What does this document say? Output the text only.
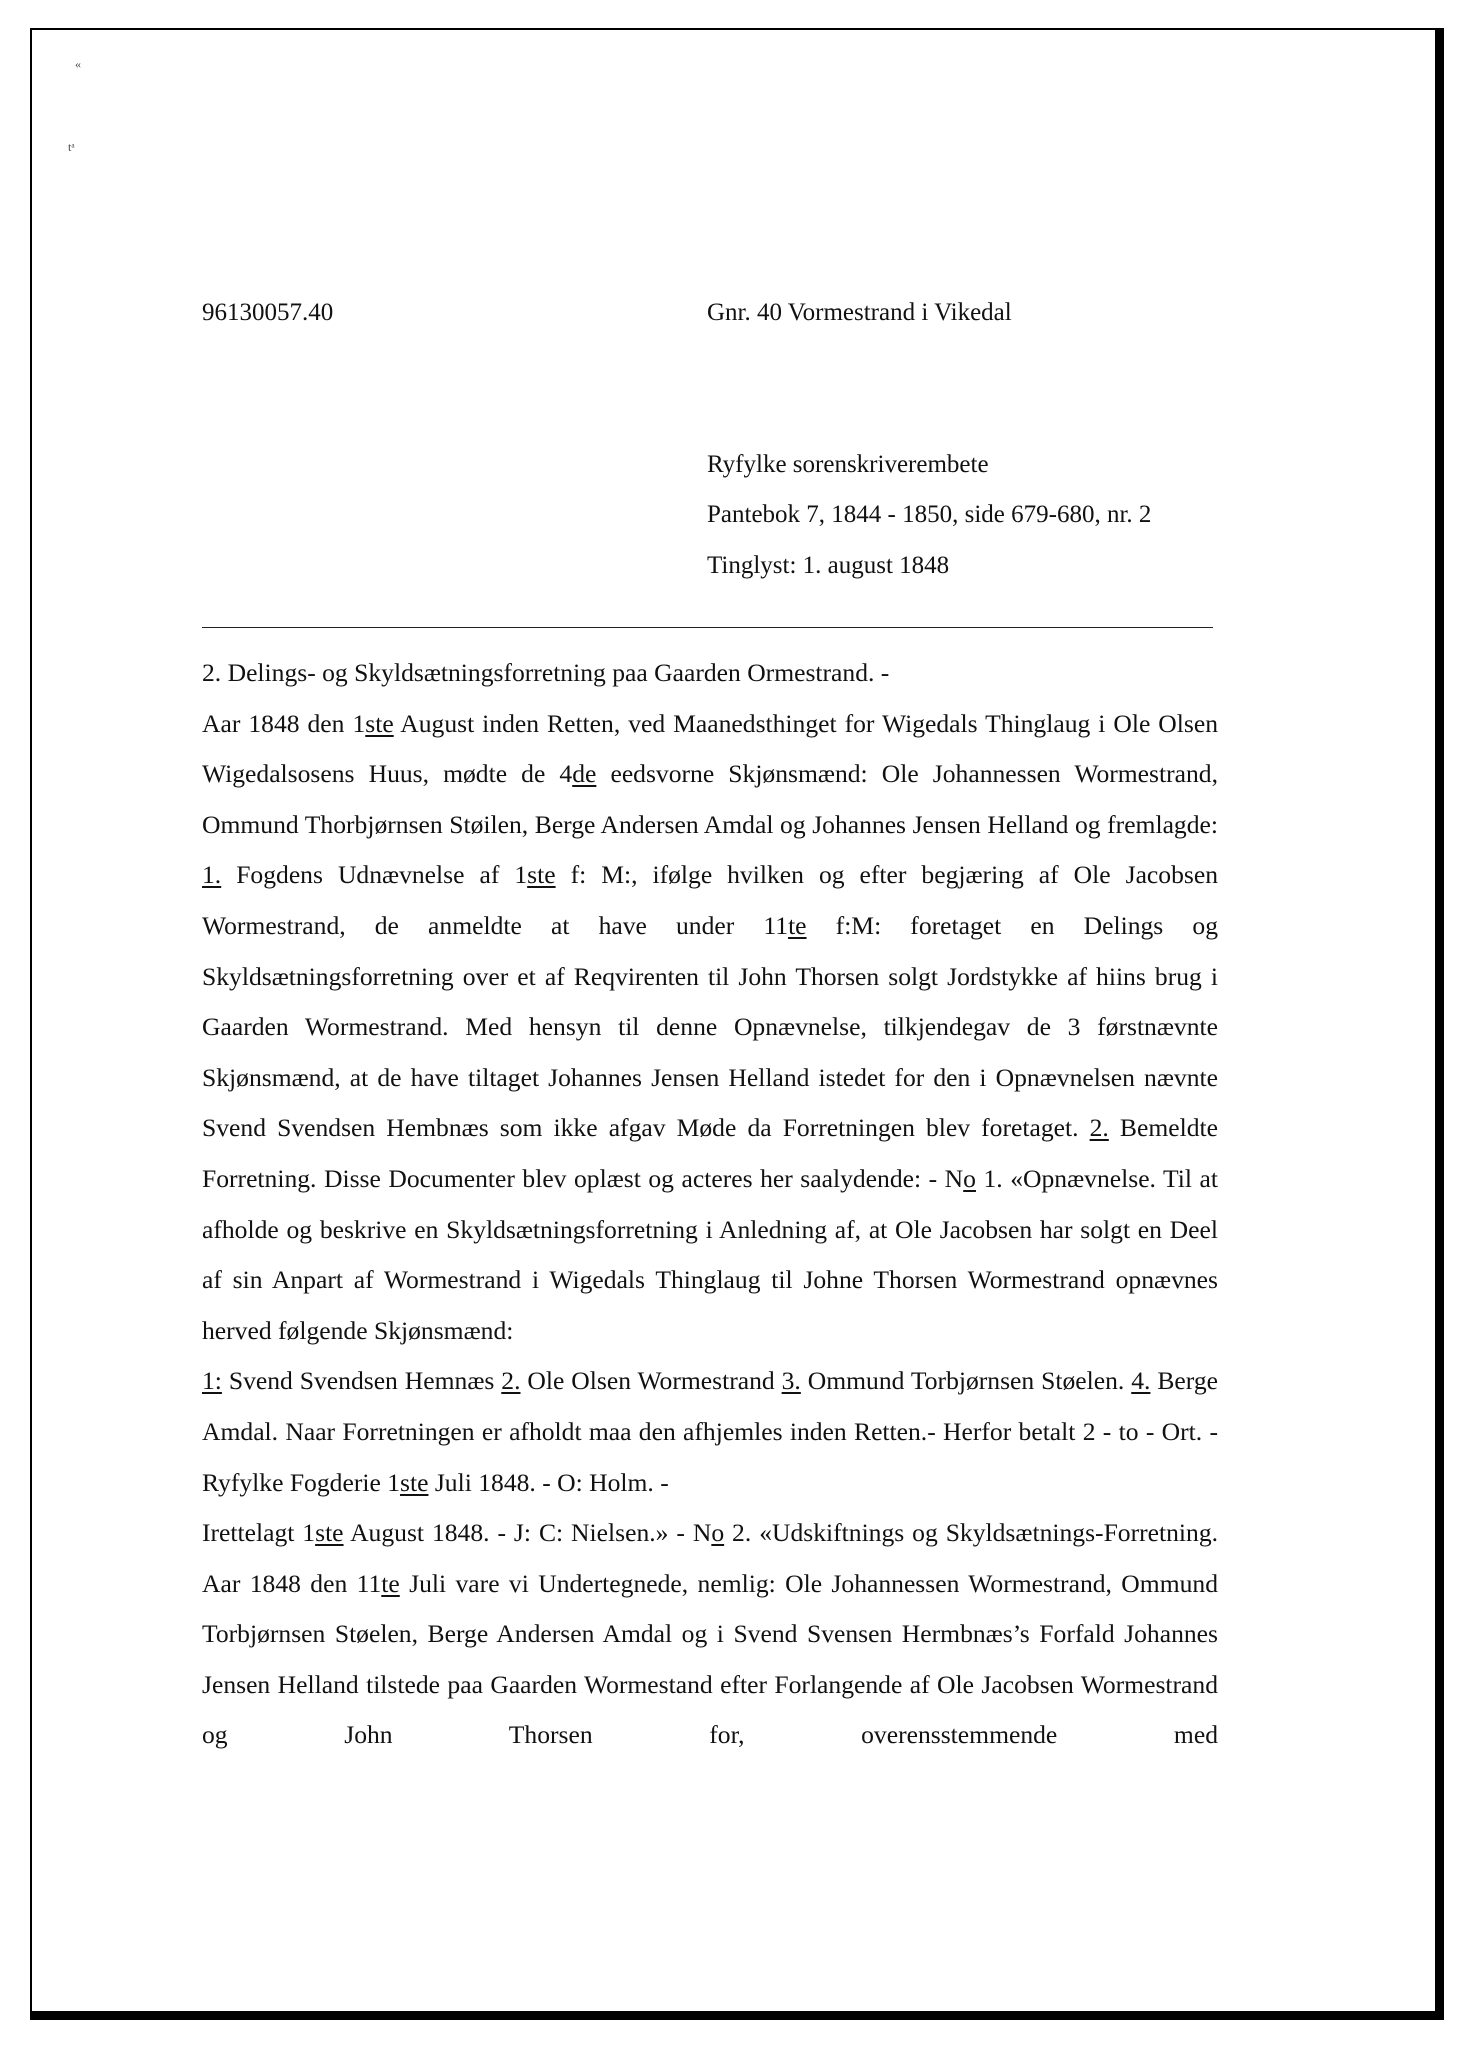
«
tᵃ
96130057.40	Gnr. 40 Vormestrand i Vikedal
Ryfylke sorenskriverembete
Pantebok 7, 1844 - 1850, side 679-680, nr. 2
Tinglyst: 1. august 1848

2. Delings- og Skyldsætningsforretning paa Gaarden Ormestrand. -

Aar 1848 den 1ste August inden Retten, ved Maanedsthinget for Wigedals Thinglaug i Ole Olsen Wigedalsosens Huus, mødte de 4de eedsvorne Skjønsmænd: Ole Johannessen Wormestrand, Ommund Thorbjørnsen Støilen, Berge Andersen Amdal og Johannes Jensen Helland og fremlagde: 1. Fogdens Udnævnelse af 1ste f: M:, ifølge hvilken og efter begjæring af Ole Jacobsen Wormestrand, de anmeldte at have under 11te f:M: foretaget en Delings og Skyldsætningsforretning over et af Reqvirenten til John Thorsen solgt Jordstykke af hiins brug i Gaarden Wormestrand. Med hensyn til denne Opnævnelse, tilkjendegav de 3 førstnævnte Skjønsmænd, at de have tiltaget Johannes Jensen Helland istedet for den i Opnævnelsen nævnte Svend Svendsen Hembnæs som ikke afgav Møde da Forretningen blev foretaget. 2. Bemeldte Forretning. Disse Documenter blev oplæst og acteres her saalydende: - No 1. «Opnævnelse. Til at afholde og beskrive en Skyldsætningsforretning i Anledning af, at Ole Jacobsen har solgt en Deel af sin Anpart af Wormestrand i Wigedals Thinglaug til Johne Thorsen Wormestrand opnævnes herved følgende Skjønsmænd:

1: Svend Svendsen Hemnæs 2. Ole Olsen Wormestrand 3. Ommund Torbjørnsen Støelen. 4. Berge Amdal. Naar Forretningen er afholdt maa den afhjemles inden Retten.- Herfor betalt 2 - to - Ort. - Ryfylke Fogderie 1ste Juli 1848. - O: Holm. -

Irettelagt 1ste August 1848. - J: C: Nielsen.» - No 2. «Udskiftnings og Skyldsætnings-Forretning. Aar 1848 den 11te Juli vare vi Undertegnede, nemlig: Ole Johannessen Wormestrand, Ommund Torbjørnsen Støelen, Berge Andersen Amdal og i Svend Svensen Hermbnæs’s Forfald Johannes Jensen Helland tilstede paa Gaarden Wormestand efter Forlangende af Ole Jacobsen Wormestrand og John Thorsen for, overensstemmende med
